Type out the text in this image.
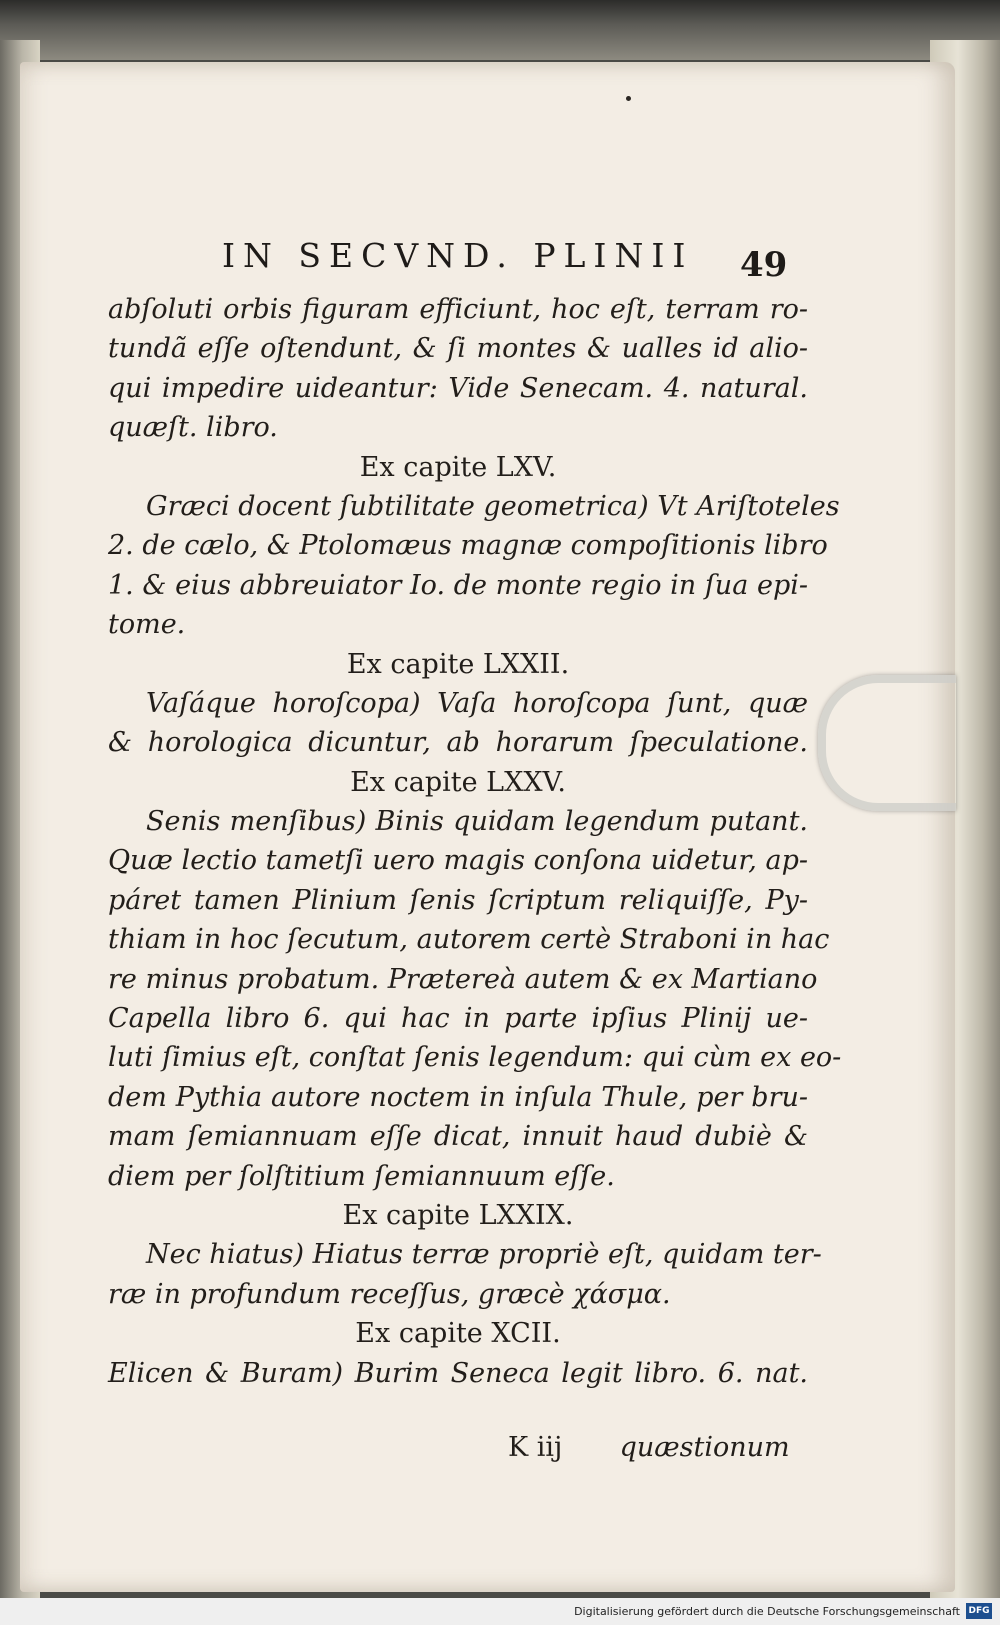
IN SECVND. PLINII 49
abſoluti orbis figuram efficiunt, hoc eſt, terram ro-
tundã eſſe oſtendunt, & ſi montes & ualles id alio-
qui impedire uideantur: Vide Senecam. 4. natural.
quæſt. libro.
Ex capite LXV.
Græci docent ſubtilitate geometrica) Vt Ariſtoteles
2. de cælo, & Ptolomæus magnæ compoſitionis libro
1. & eius abbreuiator Io. de monte regio in ſua epi-
tome.
Ex capite LXXII.
Vaſáque horoſcopa) Vaſa horoſcopa ſunt, quæ
& horologica dicuntur, ab horarum ſpeculatione.
Ex capite LXXV.
Senis menſibus) Binis quidam legendum putant.
Quæ lectio tametſi uero magis conſona uidetur, ap-
páret tamen Plinium ſenis ſcriptum reliquiſſe, Py-
thiam in hoc ſecutum, autorem certè Straboni in hac
re minus probatum. Prætereà autem & ex Martiano
Capella libro 6. qui hac in parte ipſius Plinij ue-
luti ſimius eſt, conſtat ſenis legendum: qui cùm ex eo-
dem Pythia autore noctem in inſula Thule, per bru-
mam ſemiannuam eſſe dicat, innuit haud dubiè &
diem per ſolſtitium ſemiannuum eſſe.
Ex capite LXXIX.
Nec hiatus) Hiatus terræ propriè eſt, quidam ter-
ræ in profundum receſſus, græcè χάσμα.
Ex capite XCII.
Elicen & Buram) Burim Seneca legit libro. 6. nat.
K iij quæstionum
Digitalisierung gefördert durch die Deutsche Forschungsgemeinschaft DFG
